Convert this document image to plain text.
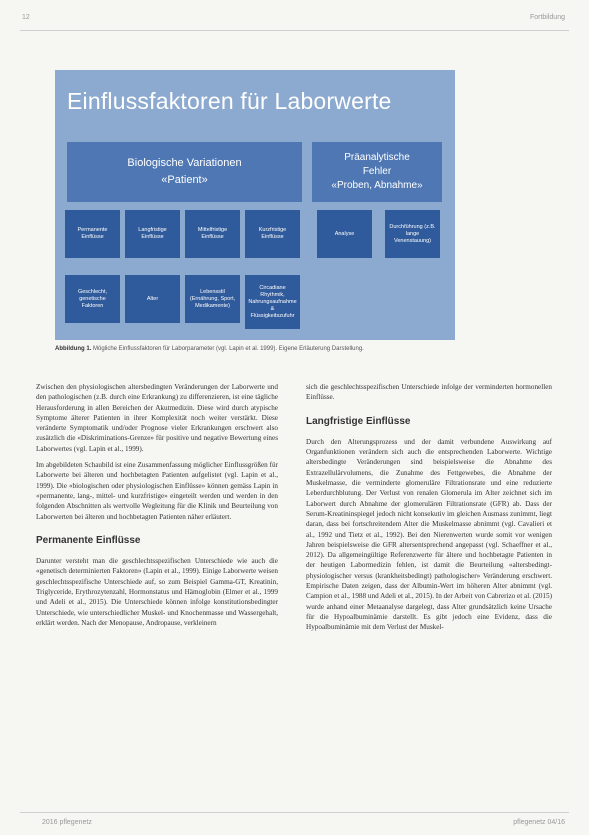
12	Fortbildung
Einflussfaktoren für Laborwerte
Biologische Variationen
«Patient»
Präanalytische
Fehler
«Proben, Abnahme»
Permanente Einflüsse
Langfristige Einflüsse
Mittelfristige Einflüsse
Kurzfristige Einflüsse
Analyse
Durchführung (z.B. lange Venenstauung)
Geschlecht, genetische Faktoren
Alter
Lebensstil (Ernährung, Sport, Medikamente)
Circadiane Rhythmik, Nahrungsaufnahme & Flüssigkeitszufuhr
Abbildung 1. Mögliche Einflussfaktoren für Laborparameter (vgl. Lapin et al. 1999). Eigene Erläuterung Darstellung.

Zwischen den physiologischen altersbedingten Veränderungen der Laborwerte und den pathologischen (z.B. durch eine Erkrankung) zu differenzieren, ist eine tägliche Herausforderung in allen Bereichen der Akutmedizin. Diese wird durch atypische Symptome älterer Patienten in ihrer Komplexität noch weiter verstärkt. Diese veränderte Symptomatik und/oder Prognose vieler Erkrankungen erschwert also zusätzlich die «Diskriminations-Grenze» für positive und negative Bewertung eines Laborwertes (vgl. Lapin et al., 1999).

Im abgebildeten Schaubild ist eine Zusammenfassung möglicher Einflussgrößen für Laborwerte bei älteren und hochbetagten Patienten aufgelistet (vgl. Lapin et al., 1999). Die «biologischen oder physiologischen Einflüsse» können gemäss Lapin in «permanente, lang-, mittel- und kurzfristige» eingeteilt werden und werden in den folgenden Abschnitten als wertvolle Wegleitung für die Klinik und Beurteilung von Laborwerten bei älteren und hochbetagten Patienten näher erläutert.

Permanente Einflüsse

Darunter versteht man die geschlechtsspezifischen Unterschiede wie auch die «genetisch determinierten Faktoren» (Lapin et al., 1999). Einige Laborwerte weisen geschlechtsspezifische Unterschiede auf, so zum Beispiel Gamma-GT, Kreatinin, Triglyceride, Erythrozytenzahl, Hormonstatus und Hämoglobin (Elmer et al., 1999 und Adeli et al., 2015). Die Unterschiede können infolge konstitutionsbedingter Unterschiede, wie unterschiedlicher Muskel- und Knochenmasse und Wassergehalt, erklärt werden. Nach der Menopause, Andropause, verkleinern

sich die geschlechtsspezifischen Unterschiede infolge der verminderten hormonellen Einflüsse.

Langfristige Einflüsse

Durch den Alterungsprozess und der damit verbundene Auswirkung auf Organfunktionen verändern sich auch die entsprechenden Laborwerte. Wichtige altersbedingte Veränderungen sind beispielsweise die Abnahme des Extrazellulärvolumens, die Zunahme des Fettgewebes, die Abnahme der Muskelmasse, die verminderte glomeruläre Filtrationsrate und eine reduzierte Leberdurchblutung. Der Verlust von renalen Glomerula im Alter zeichnet sich im Laborwert durch Abnahme der glomerulären Filtrationsrate (GFR) ab. Dass der Serum-Kreatininspiegel jedoch nicht konsekutiv im gleichen Ausmass zunimmt, liegt daran, dass bei fortschreitendem Alter die Muskelmasse abnimmt (vgl. Cavalieri et al., 1992 und Tietz et al., 1992). Bei den Nierenwerten wurde somit vor wenigen Jahren beispielsweise die GFR altersentsprechend angepasst (vgl. Schaeffner et al., 2012). Da allgemeingültige Referenzwerte für ältere und hochbetagte Patienten in der heutigen Labormedizin fehlen, ist damit die Beurteilung «altersbedingt-physiologischer versus (krankheitsbedingt) pathologischer» Veränderung erschwert. Empirische Daten zeigen, dass der Albumin-Wert im höheren Alter abnimmt (vgl. Campion et al., 1988 und Adeli et al., 2015). In der Arbeit von Cabrerizo et al. (2015) wurde anhand einer Metaanalyse dargelegt, dass Alter grundsätzlich keine Ursache für die Hypoalbuminämie darstellt. Es gibt jedoch eine Evidenz, dass die Hypoalbuminämie mit dem Verlust der Muskel-

2016 pflegenetz	pflegenetz 04/16
